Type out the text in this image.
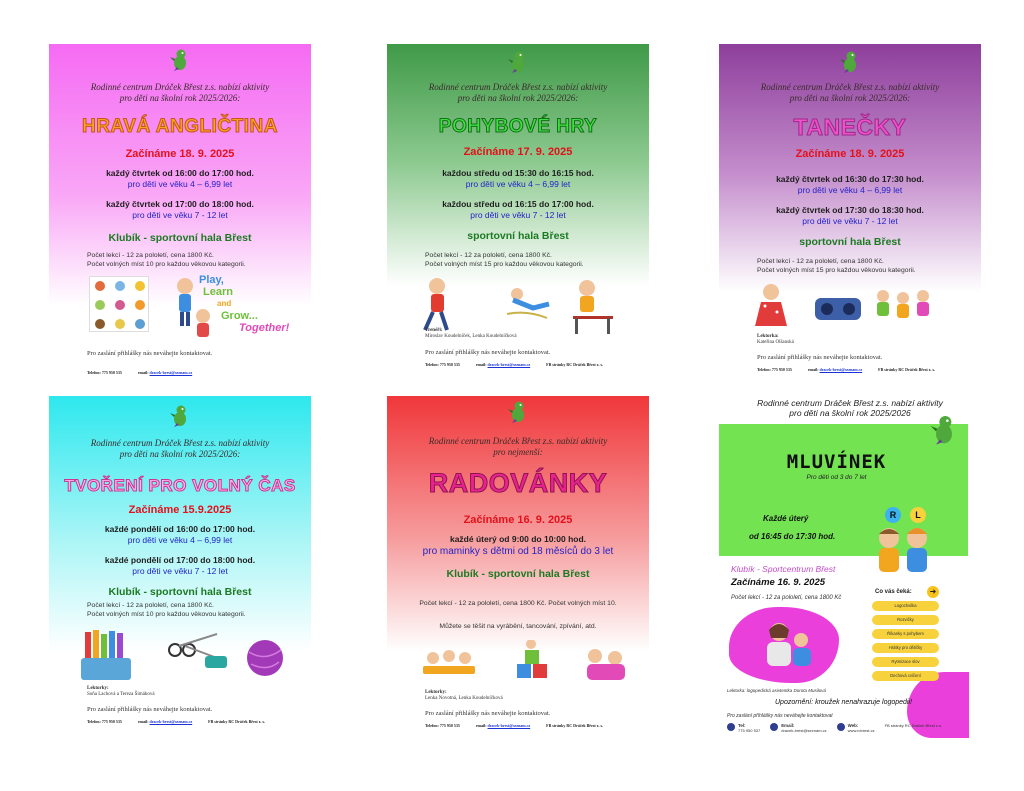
Rodinné centrum Dráček Břest z.s. nabízí aktivity
pro děti na školní rok 2025/2026:
HRAVÁ ANGLIČTINA
Začínáme 18. 9. 2025
každý čtvrtek od 16:00 do 17:00 hod.
pro děti ve věku 4 – 6,99 let
každý čtvrtek od 17:00 do 18:00 hod.
pro děti ve věku 7 - 12 let
Klubík - sportovní hala Břest
Počet lekcí - 12 za pololetí, cena 1800 Kč.
Počet volných míst 10 pro každou věkovou kategorii.
Play,
Learn
and
Grow...
Together!
Pro zaslání přihlášky nás neváhejte kontaktovat.
Telefon: 775 950 535	email: dracek-brest@seznam.cz
Rodinné centrum Dráček Břest z.s. nabízí aktivity
pro děti na školní rok 2025/2026:
POHYBOVÉ HRY
Začínáme 17. 9. 2025
každou středu od 15:30 do 16:15 hod.
pro děti ve věku 4 – 6,99 let
každou středu od 16:15 do 17:00 hod.
pro děti ve věku 7 - 12 let
sportovní hala Břest
Počet lekcí - 12 za pololetí, cena 1800 Kč.
Počet volných míst 15 pro každou věkovou kategorii.
Trenéři:
Miroslav Koudelníček, Lenka Koudelníčková
Pro zaslání přihlášky nás neváhejte kontaktovat.
Telefon: 775 950 535	email: dracek-brest@seznam.cz	FB stránky RC Dráček Břest z. s.
Rodinné centrum Dráček Břest z.s. nabízí aktivity
pro děti na školní rok 2025/2026:
TANEČKY
Začínáme 18. 9. 2025
každý čtvrtek od 16:30 do 17:30 hod.
pro děti ve věku 4 – 6,99 let
každý čtvrtek od 17:30 do 18:30 hod.
pro děti ve věku 7 - 12 let
sportovní hala Břest
Počet lekcí - 12 za pololetí, cena 1800 Kč.
Počet volných míst 15 pro každou věkovou kategorii.
Lektorka:
Kateřina Olšanská
Pro zaslání přihlášky nás neváhejte kontaktovat.
Telefon: 775 950 535	email: dracek-brest@seznam.cz	FB stránky RC Dráček Břest z. s.
Rodinné centrum Dráček Břest z.s. nabízí aktivity
pro děti na školní rok 2025/2026:
TVOŘENÍ PRO VOLNÝ ČAS
Začínáme 15.9.2025
každé pondělí od 16:00 do 17:00 hod.
pro děti ve věku 4 – 6,99 let
každé pondělí od 17:00 do 18:00 hod.
pro děti ve věku 7 - 12 let
Klubík - sportovní hala Břest
Počet lekcí - 12 za pololetí, cena 1800 Kč.
Počet volných míst 10 pro každou věkovou kategorii.
Lektorky:
Soňa Lachová a Tereza Šimáková
Pro zaslání přihlášky nás neváhejte kontaktovat.
Telefon: 775 950 535	email: dracek-brest@seznam.cz	FB stránky RC Dráček Břest z. s.
Rodinné centrum Dráček Břest z.s. nabízí aktivity
pro nejmenší:
RADOVÁNKY
Začínáme 16. 9. 2025
každé úterý od 9:00 do 10:00 hod.
pro maminky s dětmi od 18 měsíců do 3 let
Klubík - sportovní hala Břest
Počet lekcí - 12 za pololetí, cena 1800 Kč. Počet volných míst 10.
Můžete se těšit na vyrábění, tancování, zpívání, atd.
Lektorky:
Lenka Novotná, Lenka Koudelníčková
Pro zaslání přihlášky nás neváhejte kontaktovat.
Telefon: 775 950 535	email: dracek-brest@seznam.cz	FB stránky RC Dráček Břest z. s.
Rodinné centrum Dráček Břest z.s. nabízí aktivity
pro děti na školní rok 2025/2026
MLUVÍNEK
Pro děti od 3 do 7 let
R	L
Každé úterý
od 16:45 do 17:30 hod.
Klubík - Sportcentrum Břest
Začínáme 16. 9. 2025
Počet lekcí - 12 za pololetí, cena 1800 Kč
Co vás čeká:	➜
Logochvilka
Rozvičky
Říkanky s pohybem
Hrátky pro dětičky
Rytmizace slov
Dechová cvičení
Lektorka: logopedická asistentka Dorota Musilová
Upozornění: kroužek nenahrazuje logopedii!
Pro zaslání přihlášky nás neváhejte kontaktovat
Tel:
775 950 537
Email:
dracek-brest@seznam.cz
Web:
www.rcbrest.cz
FB stránky RC Dráček Břest z.s.
